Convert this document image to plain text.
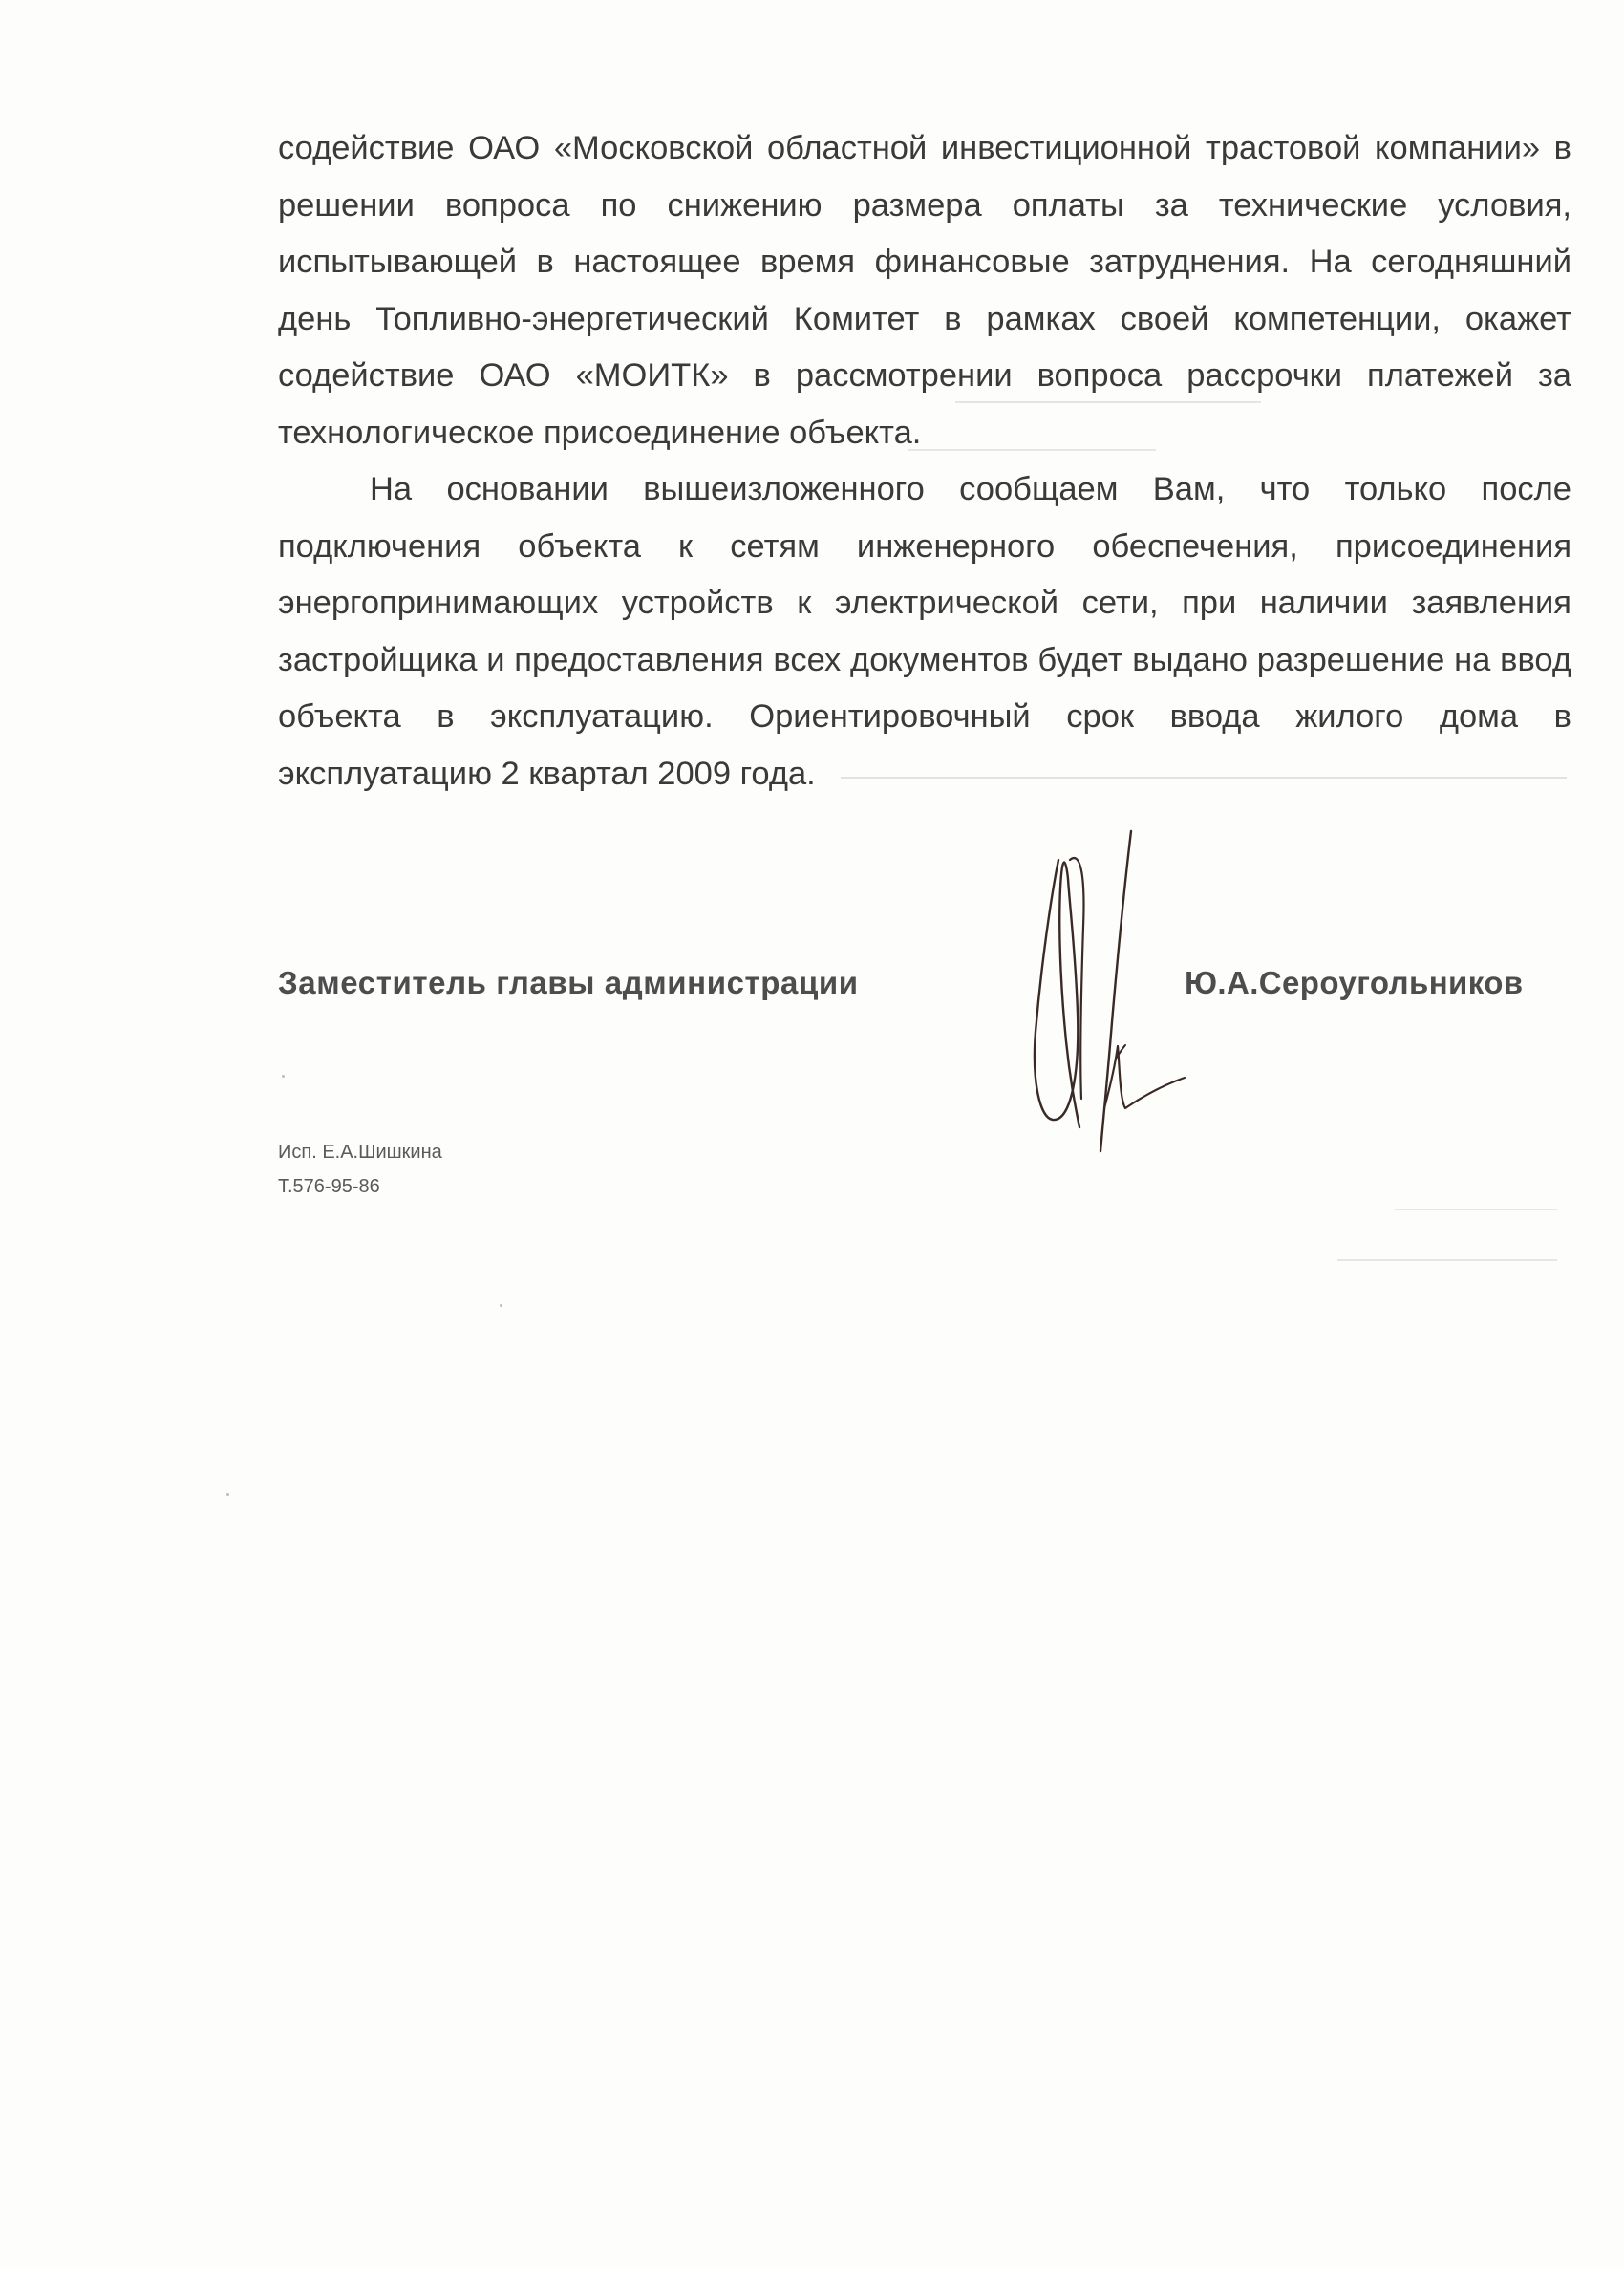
содействие ОАО «Московской областной инвестиционной трастовой компании» в решении вопроса по снижению размера оплаты за технические условия, испытывающей в настоящее время финансовые затруднения. На сегодняшний день Топливно-энергетический Комитет в рамках своей компетенции, окажет содействие ОАО «МОИТК» в рассмотрении вопроса рассрочки платежей за технологическое присоединение объекта.

На основании вышеизложенного сообщаем Вам, что только после подключения объекта к сетям инженерного обеспечения, присоединения энергопринимающих устройств к электрической сети, при наличии заявления застройщика и предоставления всех документов будет выдано разрешение на ввод объекта в эксплуатацию. Ориентировочный срок ввода жилого дома в эксплуатацию 2 квартал 2009 года.

Заместитель главы администрации	Ю.А.Сероугольников
Исп. Е.А.Шишкина
Т.576-95-86
